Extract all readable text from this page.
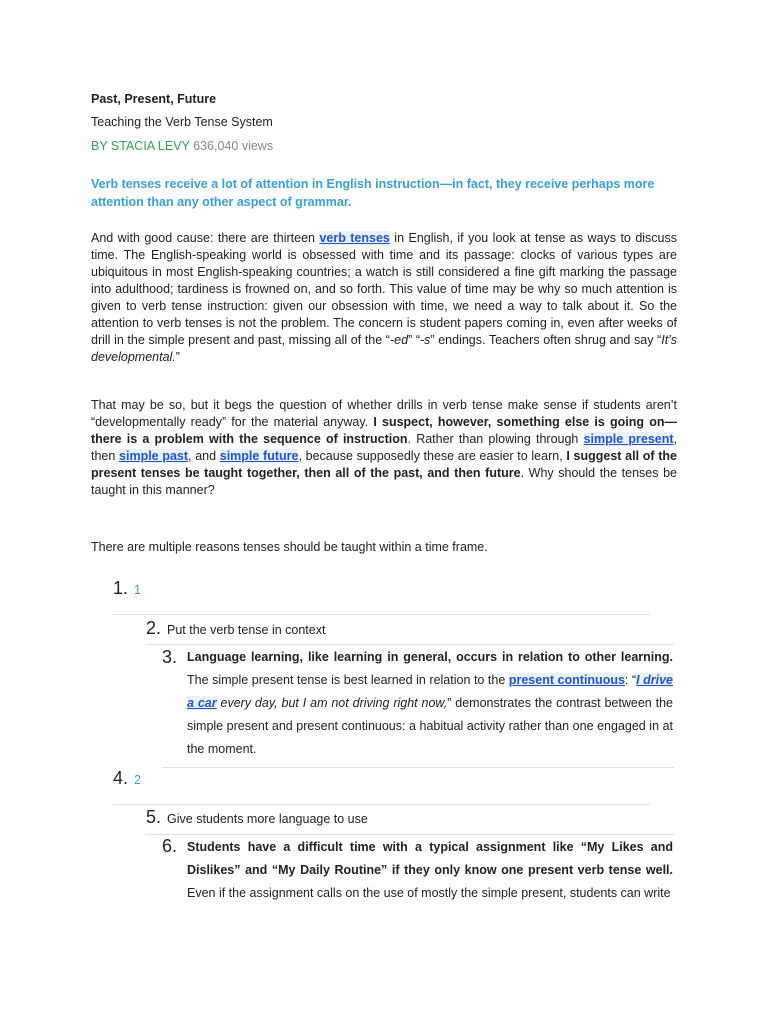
Past, Present, Future
Teaching the Verb Tense System
BY STACIA LEVY 636,040 views
Verb tenses receive a lot of attention in English instruction—in fact, they receive perhaps more attention than any other aspect of grammar.
And with good cause: there are thirteen verb tenses in English, if you look at tense as ways to discuss time. The English-speaking world is obsessed with time and its passage: clocks of various types are ubiquitous in most English-speaking countries; a watch is still considered a fine gift marking the passage into adulthood; tardiness is frowned on, and so forth. This value of time may be why so much attention is given to verb tense instruction: given our obsession with time, we need a way to talk about it. So the attention to verb tenses is not the problem. The concern is student papers coming in, even after weeks of drill in the simple present and past, missing all of the “-ed” “-s” endings. Teachers often shrug and say “It’s developmental.”
That may be so, but it begs the question of whether drills in verb tense make sense if students aren’t “developmentally ready” for the material anyway. I suspect, however, something else is going on—there is a problem with the sequence of instruction. Rather than plowing through simple present, then simple past, and simple future, because supposedly these are easier to learn, I suggest all of the present tenses be taught together, then all of the past, and then future. Why should the tenses be taught in this manner?
There are multiple reasons tenses should be taught within a time frame.
1. 1
2. Put the verb tense in context
3. Language learning, like learning in general, occurs in relation to other learning. The simple present tense is best learned in relation to the present continuous: “I drive a car every day, but I am not driving right now,” demonstrates the contrast between the simple present and present continuous: a habitual activity rather than one engaged in at the moment.
4. 2
5. Give students more language to use
6. Students have a difficult time with a typical assignment like “My Likes and Dislikes” and “My Daily Routine” if they only know one present verb tense well. Even if the assignment calls on the use of mostly the simple present, students can write
